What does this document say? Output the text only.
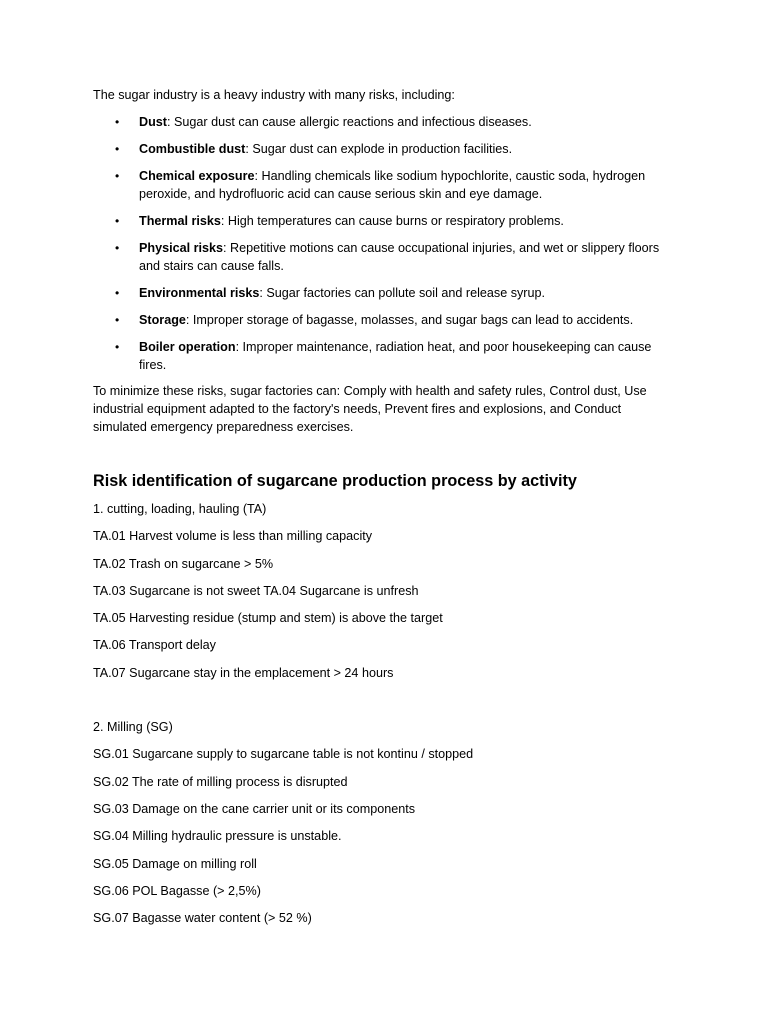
The sugar industry is a heavy industry with many risks, including:

• Dust: Sugar dust can cause allergic reactions and infectious diseases.
• Combustible dust: Sugar dust can explode in production facilities.
• Chemical exposure: Handling chemicals like sodium hypochlorite, caustic soda, hydrogen peroxide, and hydrofluoric acid can cause serious skin and eye damage.
• Thermal risks: High temperatures can cause burns or respiratory problems.
• Physical risks: Repetitive motions can cause occupational injuries, and wet or slippery floors and stairs can cause falls.
• Environmental risks: Sugar factories can pollute soil and release syrup.
• Storage: Improper storage of bagasse, molasses, and sugar bags can lead to accidents.
• Boiler operation: Improper maintenance, radiation heat, and poor housekeeping can cause fires.

To minimize these risks, sugar factories can: Comply with health and safety rules, Control dust, Use industrial equipment adapted to the factory's needs, Prevent fires and explosions, and Conduct simulated emergency preparedness exercises.

Risk identification of sugarcane production process by activity
1. cutting, loading, hauling (TA)
TA.01 Harvest volume is less than milling capacity
TA.02 Trash on sugarcane > 5%
TA.03 Sugarcane is not sweet TA.04 Sugarcane is unfresh
TA.05 Harvesting residue (stump and stem) is above the target
TA.06 Transport delay
TA.07 Sugarcane stay in the emplacement > 24 hours
2. Milling (SG)
SG.01 Sugarcane supply to sugarcane table is not kontinu / stopped
SG.02 The rate of milling process is disrupted
SG.03 Damage on the cane carrier unit or its components
SG.04 Milling hydraulic pressure is unstable.
SG.05 Damage on milling roll
SG.06 POL Bagasse (> 2,5%)
SG.07 Bagasse water content (> 52 %)
